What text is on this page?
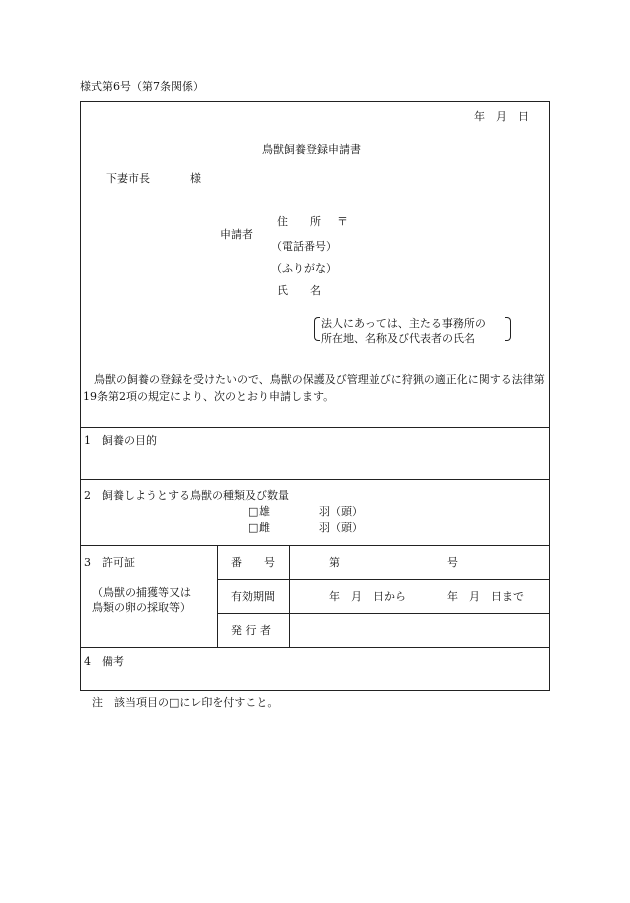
様式第6号（第7条関係）
年　月　日
鳥獣飼養登録申請書
下妻市長	様
申請者
住　　所 〒
（電話番号）
（ふりがな）
氏　　名
法人にあっては、主たる事務所の
所在地、名称及び代表者の氏名
鳥獣の飼養の登録を受けたいので、鳥獣の保護及び管理並びに狩猟の適正化に関する法律第19条第2項の規定により、次のとおり申請します。
1　飼養の目的
2　飼養しようとする鳥獣の種類及び数量
□ 雄	羽（頭）
□ 雌	羽（頭）
3　許可証
（鳥獣の捕獲等又は
鳥類の卵の採取等）
番　　号	第	号
有効期間	年　月　日から	年　月　日まで
発 行 者
4　備考
注　該当項目の□にレ印を付すこと。
